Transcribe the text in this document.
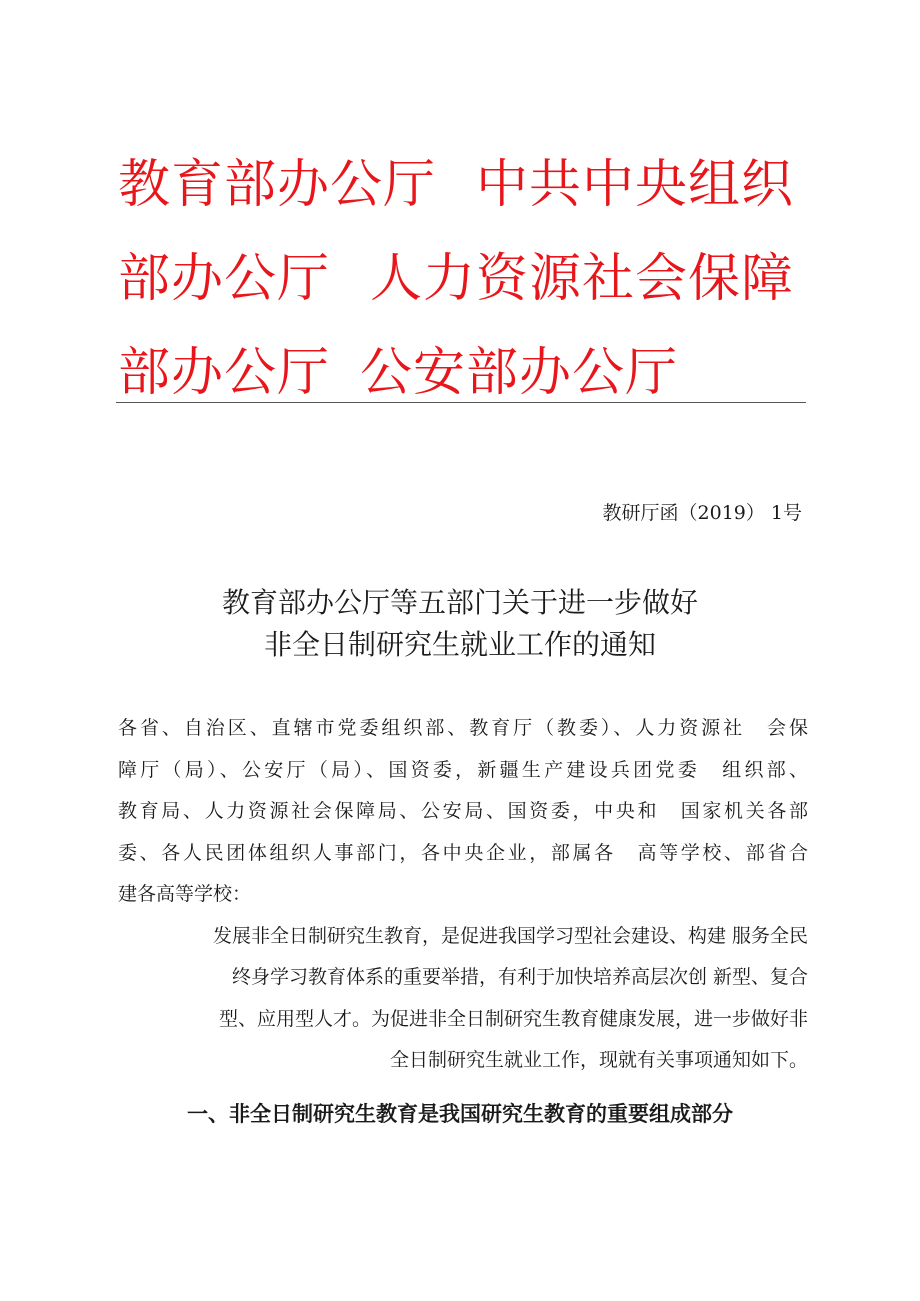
教育部办公厅 中共中央组织
部办公厅 人力资源社会保障
部办公厅 公安部办公厅
教研厅函（2019） 1号
教育部办公厅等五部门关于进一步做好
非全日制研究生就业工作的通知
各省、自治区、直辖市党委组织部、教育厅（教委）、人力资源社　会保
障厅（局）、公安厅（局）、国资委，新疆生产建设兵团党委　组织部、
教育局、人力资源社会保障局、公安局、国资委，中央和　国家机关各部
委、各人民团体组织人事部门，各中央企业，部属各　高等学校、部省合
建各高等学校：
发展非全日制研究生教育，是促进我国学习型社会建设、构建 服务全民
终身学习教育体系的重要举措，有利于加快培养高层次创 新型、复合
型、应用型人才。为促进非全日制研究生教育健康发展，进一步做好非
全日制研究生就业工作，现就有关事项通知如下。
一、非全日制研究生教育是我国研究生教育的重要组成部分
